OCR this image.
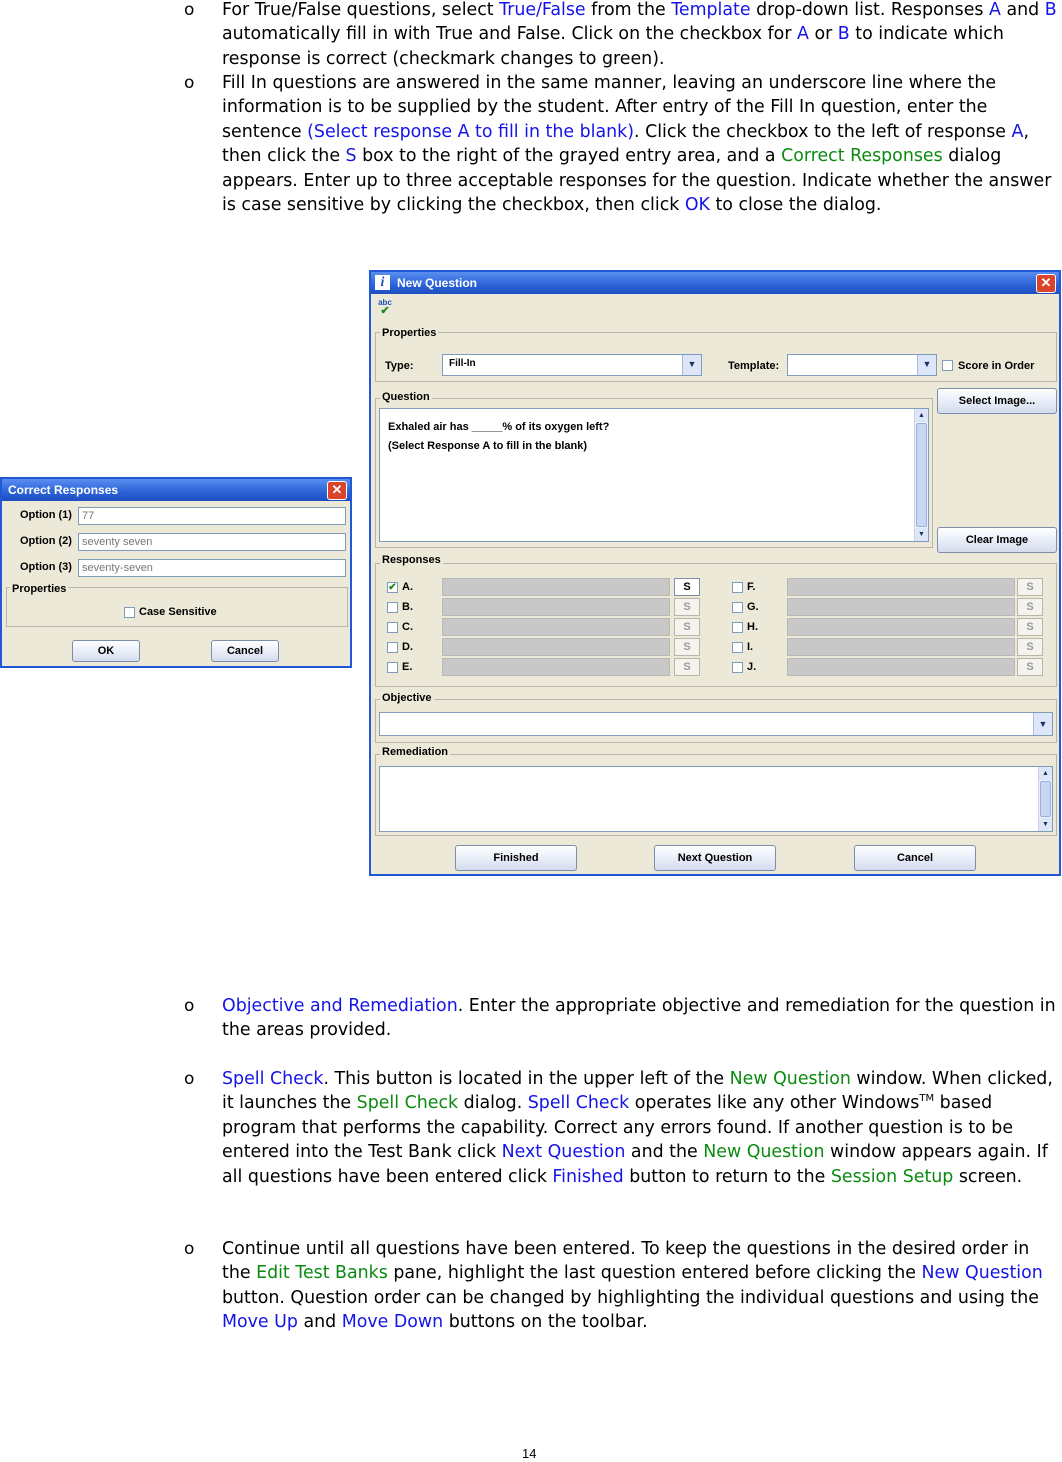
o For True/False questions, select True/False from the Template drop-down list. Responses A and B automatically fill in with True and False. Click on the checkbox for A or B to indicate which response is correct (checkmark changes to green).
o Fill In questions are answered in the same manner, leaving an underscore line where the information is to be supplied by the student. After entry of the Fill In question, enter the sentence (Select response A to fill in the blank). Click the checkbox to the left of response A, then click the S box to the right of the grayed entry area, and a Correct Responses dialog appears. Enter up to three acceptable responses for the question. Indicate whether the answer is case sensitive by clicking the checkbox, then click OK to close the dialog.
Correct Responses	✕
Option (1) 77
Option (2) seventy seven
Option (3) seventy-seven
Properties
Case Sensitive
OK	Cancel
New Question
i	✕
abc
✔
Properties
Type:	Fill-In	▼	Template:	▼	Score in Order
Question
Exhaled air has _____% of its oxygen left?
(Select Response A to fill in the blank)
▲
▼
Select Image...
Clear Image
Responses
✔ A.	S
B.	S
C.	S
D.	S
E.	S
F.	S
G.	S
H.	S
I.	S
J.	S
Objective
▼
Remediation
▲
▼
Finished	Next Question	Cancel
o Objective and Remediation. Enter the appropriate objective and remediation for the question in the areas provided.
o Spell Check. This button is located in the upper left of the New Question window. When clicked, it launches the Spell Check dialog. Spell Check operates like any other Windows™ based program that performs the capability. Correct any errors found. If another question is to be entered into the Test Bank click Next Question and the New Question window appears again. If all questions have been entered click Finished button to return to the Session Setup screen.
o Continue until all questions have been entered. To keep the questions in the desired order in the Edit Test Banks pane, highlight the last question entered before clicking the New Question button. Question order can be changed by highlighting the individual questions and using the Move Up and Move Down buttons on the toolbar.
14
